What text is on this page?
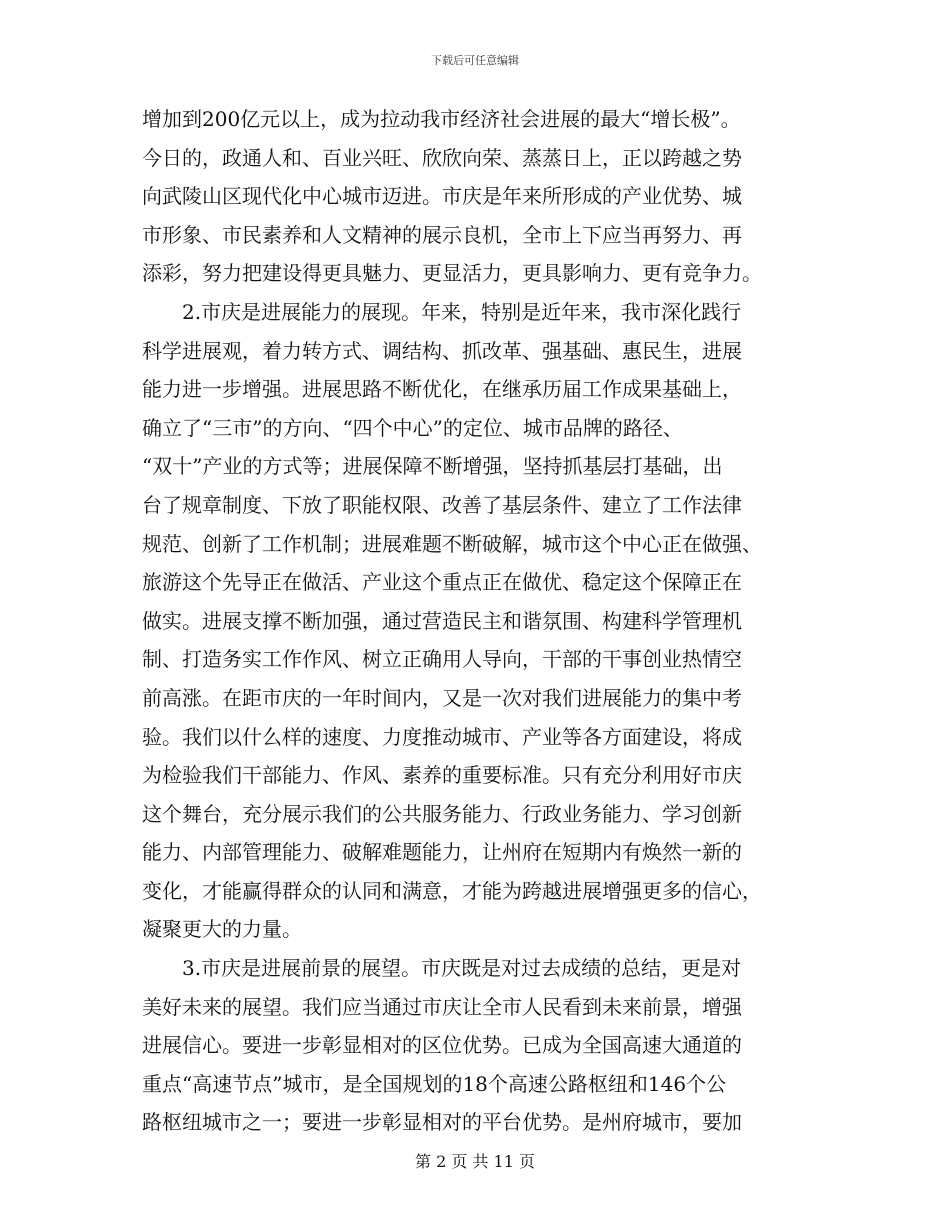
下载后可任意编辑
增加到200亿元以上，成为拉动我市经济社会进展的最大“增长极”。
今日的，政通人和、百业兴旺、欣欣向荣、蒸蒸日上，正以跨越之势
向武陵山区现代化中心城市迈进。市庆是年来所形成的产业优势、城
市形象、市民素养和人文精神的展示良机，全市上下应当再努力、再
添彩，努力把建设得更具魅力、更显活力，更具影响力、更有竞争力。
　　2.市庆是进展能力的展现。年来，特别是近年来，我市深化践行
科学进展观，着力转方式、调结构、抓改革、强基础、惠民生，进展
能力进一步增强。进展思路不断优化，在继承历届工作成果基础上，
确立了“三市”的方向、“四个中心”的定位、城市品牌的路径、
“双十”产业的方式等；进展保障不断增强，坚持抓基层打基础，出
台了规章制度、下放了职能权限、改善了基层条件、建立了工作法律
规范、创新了工作机制；进展难题不断破解，城市这个中心正在做强、
旅游这个先导正在做活、产业这个重点正在做优、稳定这个保障正在
做实。进展支撑不断加强，通过营造民主和谐氛围、构建科学管理机
制、打造务实工作作风、树立正确用人导向，干部的干事创业热情空
前高涨。在距市庆的一年时间内，又是一次对我们进展能力的集中考
验。我们以什么样的速度、力度推动城市、产业等各方面建设，将成
为检验我们干部能力、作风、素养的重要标准。只有充分利用好市庆
这个舞台，充分展示我们的公共服务能力、行政业务能力、学习创新
能力、内部管理能力、破解难题能力，让州府在短期内有焕然一新的
变化，才能赢得群众的认同和满意，才能为跨越进展增强更多的信心，
凝聚更大的力量。
　　3.市庆是进展前景的展望。市庆既是对过去成绩的总结，更是对
美好未来的展望。我们应当通过市庆让全市人民看到未来前景，增强
进展信心。要进一步彰显相对的区位优势。已成为全国高速大通道的
重点“高速节点”城市，是全国规划的18个高速公路枢纽和146个公
路枢纽城市之一；要进一步彰显相对的平台优势。是州府城市，要加
第 2 页 共 11 页
